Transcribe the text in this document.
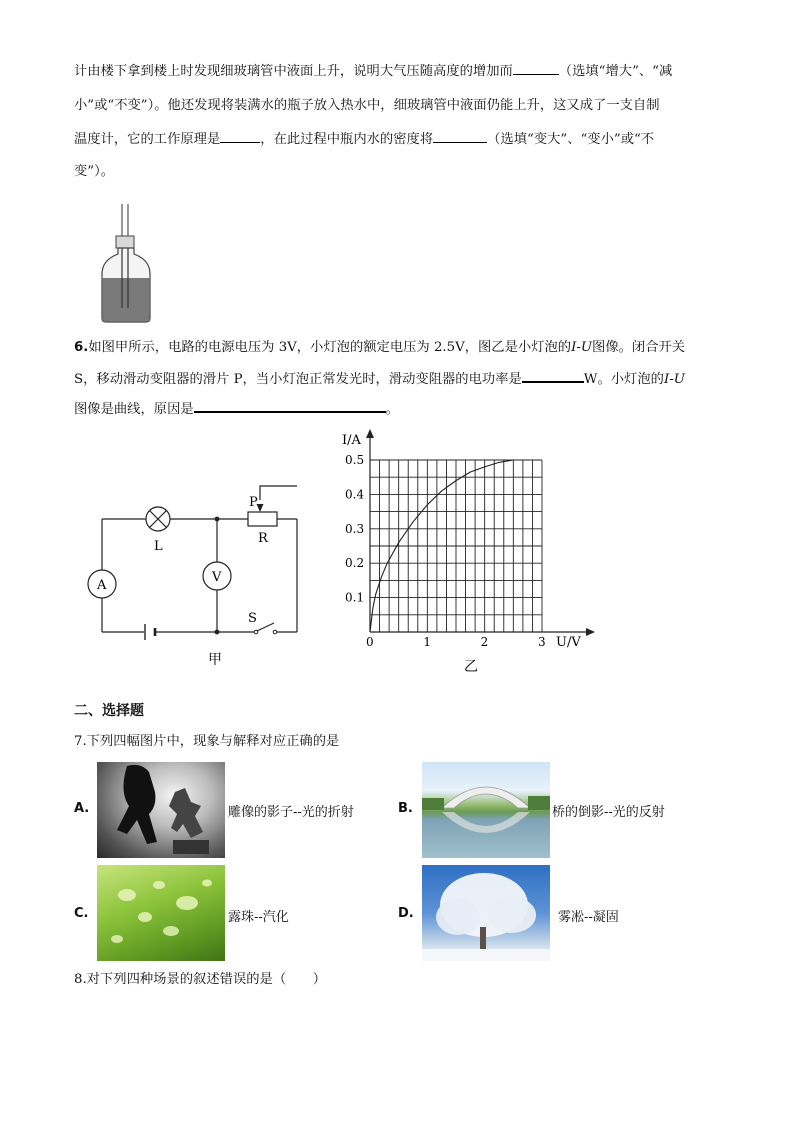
计由楼下拿到楼上时发现细玻璃管中液面上升，说明大气压随高度的增加而	（选填“增大”、“减
小”或“不变”）。他还发现将装满水的瓶子放入热水中，细玻璃管中液面仍能上升，这又成了一支自制
温度计，它的工作原理是	，在此过程中瓶内水的密度将	（选填“变大”、“变小”或“不
变”）。
6.如图甲所示，电路的电源电压为 3V，小灯泡的额定电压为 2.5V，图乙是小灯泡的I-U图像。闭合开关
S，移动滑动变阻器的滑片 P，当小灯泡正常发光时，滑动变阻器的电功率是	W。小灯泡的I-U
图像是曲线，原因是	。
L
P
R
V
A
S
甲
0	1	2	3
0.1
0.2
0.3
0.4
0.5
I/A
U/V
乙
二、选择题
7.下列四幅图片中，现象与解释对应正确的是
A.	雕像的影子--光的折射	B.	桥的倒影--光的反射
C.	露珠--汽化	D.	雾凇--凝固
8.对下列四种场景的叙述错误的是（　　）
